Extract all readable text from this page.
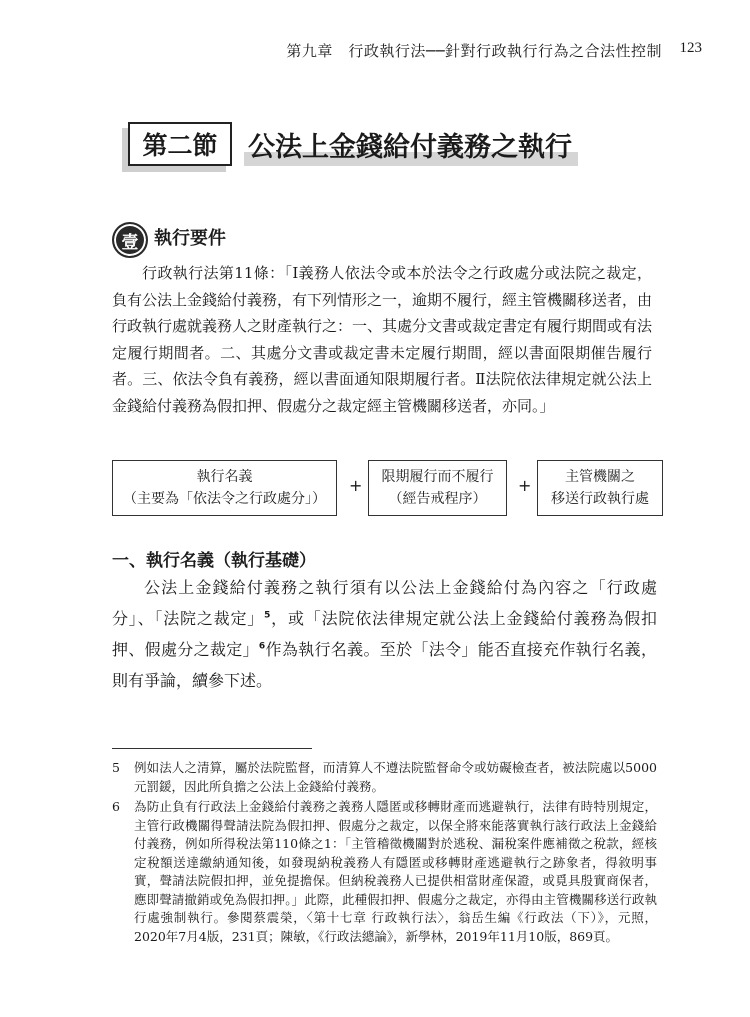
第九章　行政執行法──針對行政執行行為之合法性控制 123
第二節 公法上金錢給付義務之執行
壹 執行要件

行政執行法第11條：「Ⅰ義務人依法令或本於法令之行政處分或法院之裁定，負有公法上金錢給付義務，有下列情形之一，逾期不履行，經主管機關移送者，由行政執行處就義務人之財產執行之：一、其處分文書或裁定書定有履行期間或有法定履行期間者。二、其處分文書或裁定書未定履行期間，經以書面限期催告履行者。三、依法令負有義務，經以書面通知限期履行者。Ⅱ法院依法律規定就公法上金錢給付義務為假扣押、假處分之裁定經主管機關移送者，亦同。」

執行名義
（主要為「依法令之行政處分」）
+ 限期履行而不履行
（經告戒程序）
+ 主管機關之
移送行政執行處
一、執行名義（執行基礎）

公法上金錢給付義務之執行須有以公法上金錢給付為內容之「行政處分」、「法院之裁定」$^5$，或「法院依法律規定就公法上金錢給付義務為假扣押、假處分之裁定」$^6$作為執行名義。至於「法令」能否直接充作執行名義，則有爭論，續參下述。

5	例如法人之清算，屬於法院監督，而清算人不遵法院監督命令或妨礙檢查者，被法院處以5000元罰鍰，因此所負擔之公法上金錢給付義務。
6	為防止負有行政法上金錢給付義務之義務人隱匿或移轉財產而逃避執行，法律有時特別規定，主管行政機關得聲請法院為假扣押、假處分之裁定，以保全將來能落實執行該行政法上金錢給付義務，例如所得稅法第110條之1：「主管稽徵機關對於逃稅、漏稅案件應補徵之稅款，經核定稅額送達繳納通知後，如發現納稅義務人有隱匿或移轉財產逃避執行之跡象者，得敘明事實，聲請法院假扣押，並免提擔保。但納稅義務人已提供相當財產保證，或覓具殷實商保者，應即聲請撤銷或免為假扣押。」此際，此種假扣押、假處分之裁定，亦得由主管機關移送行政執行處強制執行。參閱蔡震榮，〈第十七章 行政執行法〉，翁岳生編《行政法（下）》，元照，2020年7月4版，231頁；陳敏，《行政法總論》，新學林，2019年11月10版，869頁。
